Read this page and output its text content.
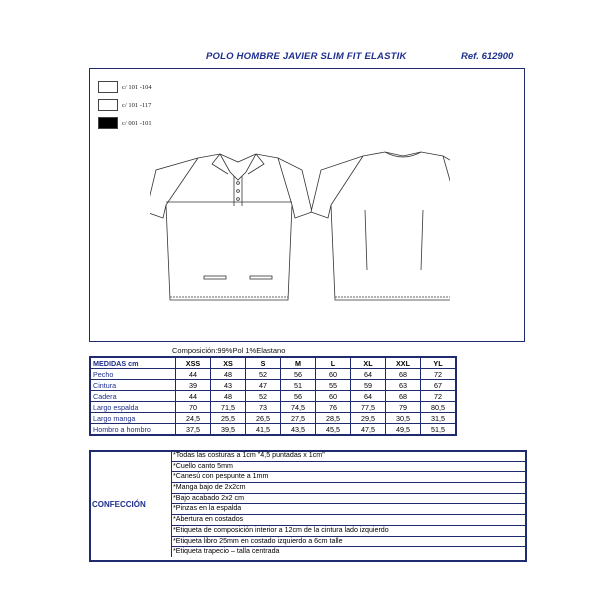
POLO HOMBRE JAVIER SLIM FIT ELASTIK	Ref. 612900
c/ 101 -104
c/ 101 -117
c/ 001 -101
Composición:99%Pol 1%Elastano
MEDIDAS cm	XSS	XS	S	M	L	XL	XXL	YL
Pecho	44	48	52	56	60	64	68	72
Cintura	39	43	47	51	55	59	63	67
Cadera	44	48	52	56	60	64	68	72
Largo espalda	70	71,5	73	74,5	76	77,5	79	80,5
Largo manga	24,5	25,5	26,5	27,5	28,5	29,5	30,5	31,5
Hombro a hombro	37,5	39,5	41,5	43,5	45,5	47,5	49,5	51,5
CONFECCIÓN
*Todas las costuras a 1cm "4,5 puntadas x 1cm"
*Cuello canto 5mm
*Canesú con pespunte a 1mm
*Manga bajo de 2x2cm
*Bajo acabado 2x2 cm
*Pinzas en la espalda
*Abertura en costados
*Etiqueta de composición interior a 12cm de la cintura lado izquierdo
*Etiqueta libro 25mm en costado izquierdo a 6cm talle
*Etiqueta trapecio – talla centrada
